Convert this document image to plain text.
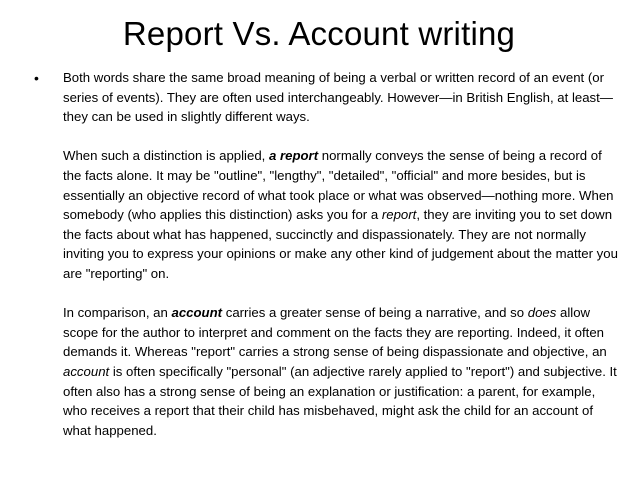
Report Vs. Account writing
• Both words share the same broad meaning of being a verbal or written record of an event (or series of events). They are often used interchangeably. However—in British English, at least—they can be used in slightly different ways.

When such a distinction is applied, a report normally conveys the sense of being a record of the facts alone. It may be "outline", "lengthy", "detailed", "official" and more besides, but is essentially an objective record of what took place or what was observed—nothing more. When somebody (who applies this distinction) asks you for a report, they are inviting you to set down the facts about what has happened, succinctly and dispassionately. They are not normally inviting you to express your opinions or make any other kind of judgement about the matter you are "reporting" on.

In comparison, an account carries a greater sense of being a narrative, and so does allow scope for the author to interpret and comment on the facts they are reporting. Indeed, it often demands it. Whereas "report" carries a strong sense of being dispassionate and objective, an account is often specifically "personal" (an adjective rarely applied to "report") and subjective. It often also has a strong sense of being an explanation or justification: a parent, for example, who receives a report that their child has misbehaved, might ask the child for an account of what happened.
